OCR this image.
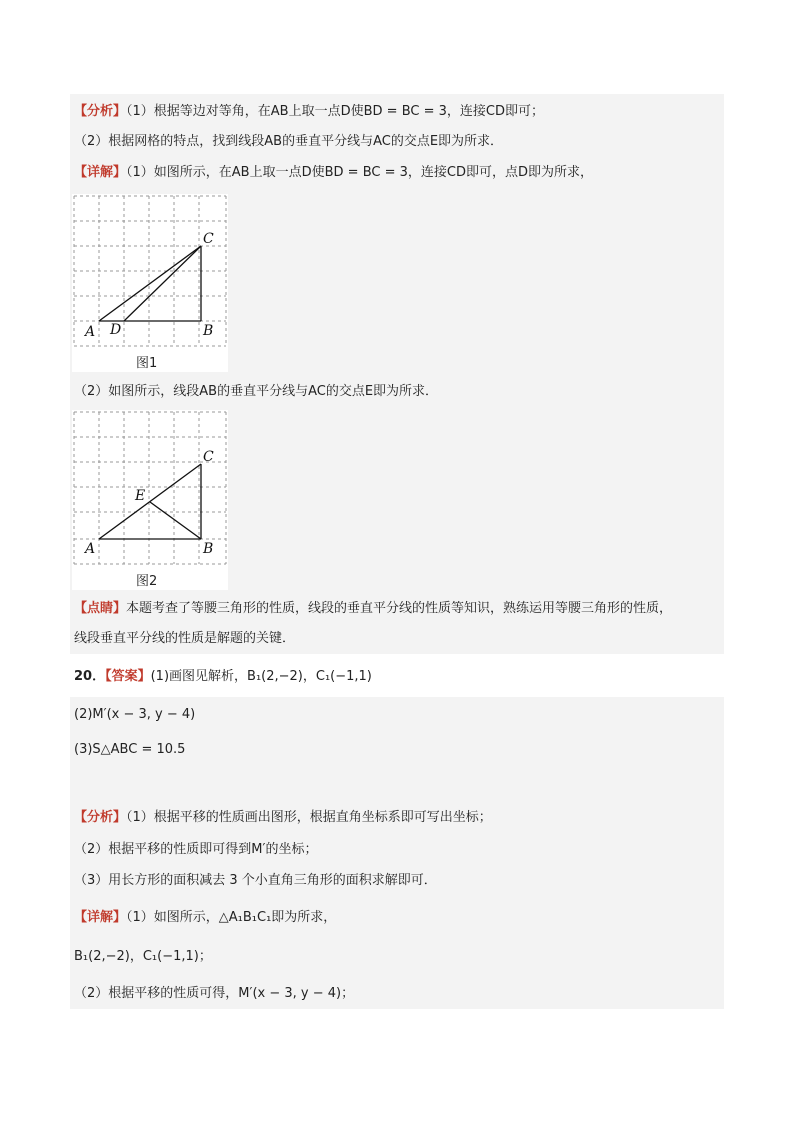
【分析】（1）根据等边对等角，在AB上取一点D使BD = BC = 3，连接CD即可；
（2）根据网格的特点，找到线段AB的垂直平分线与AC的交点E即为所求．
【详解】（1）如图所示，在AB上取一点D使BD = BC = 3，连接CD即可，点D即为所求，
A D	B
C
图1
（2）如图所示，线段AB的垂直平分线与AC的交点E即为所求．
A
E
B
C
图2
【点睛】本题考查了等腰三角形的性质，线段的垂直平分线的性质等知识，熟练运用等腰三角形的性质，
线段垂直平分线的性质是解题的关键．
20．【答案】(1)画图见解析，B₁(2,−2)，C₁(−1,1)
(2)M′(x − 3, y − 4)
(3)S△ABC = 10.5
【分析】（1）根据平移的性质画出图形，根据直角坐标系即可写出坐标；
（2）根据平移的性质即可得到M′的坐标；
（3）用长方形的面积减去 3 个小直角三角形的面积求解即可．
【详解】（1）如图所示，△A₁B₁C₁即为所求，
B₁(2,−2)，C₁(−1,1)；
（2）根据平移的性质可得，M′(x − 3, y − 4)；
